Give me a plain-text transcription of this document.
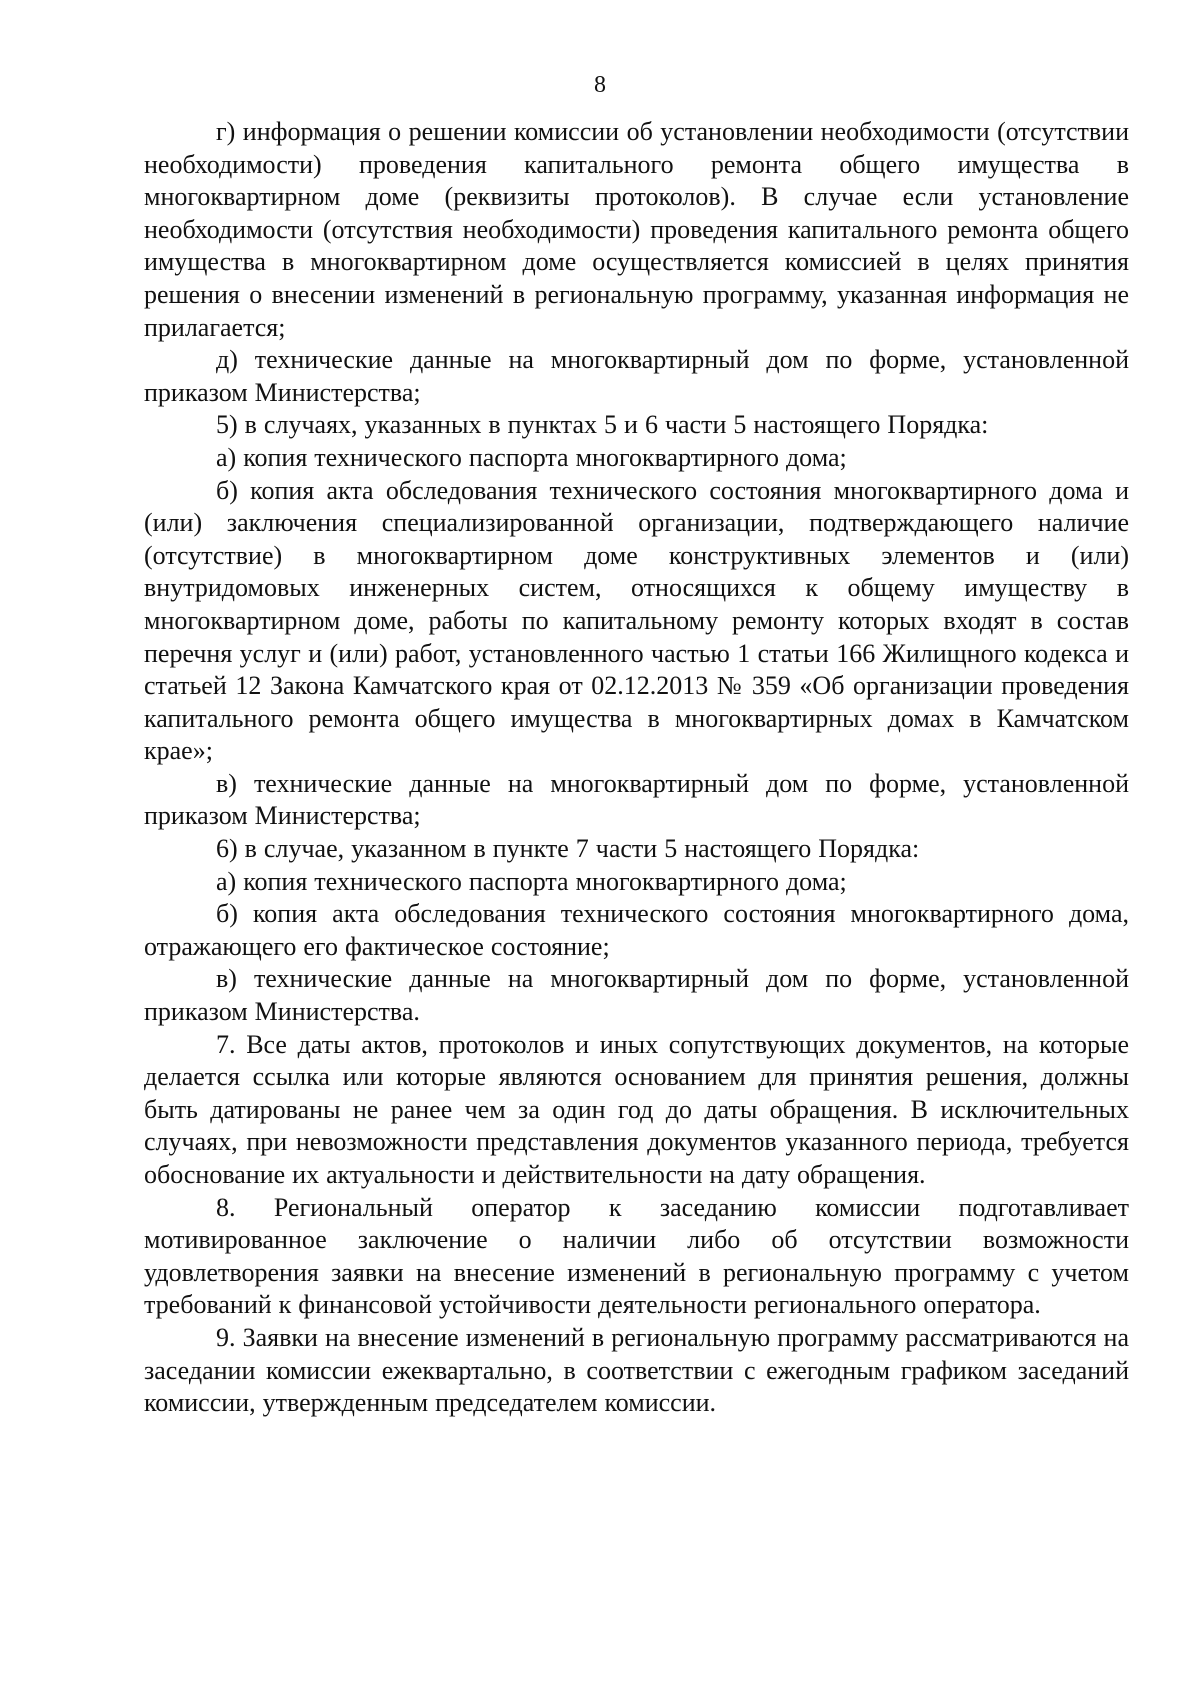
8

г) информация о решении комиссии об установлении необходимости (отсутствии необходимости) проведения капитального ремонта общего имущества в многоквартирном доме (реквизиты протоколов). В случае если установление необходимости (отсутствия необходимости) проведения капитального ремонта общего имущества в многоквартирном доме осуществляется комиссией в целях принятия решения о внесении изменений в региональную программу, указанная информация не прилагается;

д) технические данные на многоквартирный дом по форме, установленной приказом Министерства;

5) в случаях, указанных в пунктах 5 и 6 части 5 настоящего Порядка:

а) копия технического паспорта многоквартирного дома;

б) копия акта обследования технического состояния многоквартирного дома и (или) заключения специализированной организации, подтверждающего наличие (отсутствие) в многоквартирном доме конструктивных элементов и (или) внутридомовых инженерных систем, относящихся к общему имуществу в многоквартирном доме, работы по капитальному ремонту которых входят в состав перечня услуг и (или) работ, установленного частью 1 статьи 166 Жилищного кодекса и статьей 12 Закона Камчатского края от 02.12.2013 № 359 «Об организации проведения капитального ремонта общего имущества в многоквартирных домах в Камчатском крае»;

в) технические данные на многоквартирный дом по форме, установленной приказом Министерства;

6) в случае, указанном в пункте 7 части 5 настоящего Порядка:

а) копия технического паспорта многоквартирного дома;

б) копия акта обследования технического состояния многоквартирного дома, отражающего его фактическое состояние;

в) технические данные на многоквартирный дом по форме, установленной приказом Министерства.

7. Все даты актов, протоколов и иных сопутствующих документов, на которые делается ссылка или которые являются основанием для принятия решения, должны быть датированы не ранее чем за один год до даты обращения. В исключительных случаях, при невозможности представления документов указанного периода, требуется обоснование их актуальности и действительности на дату обращения.

8. Региональный оператор к заседанию комиссии подготавливает мотивированное заключение о наличии либо об отсутствии возможности удовлетворения заявки на внесение изменений в региональную программу с учетом требований к финансовой устойчивости деятельности регионального оператора.

9. Заявки на внесение изменений в региональную программу рассматриваются на заседании комиссии ежеквартально, в соответствии с ежегодным графиком заседаний комиссии, утвержденным председателем комиссии.
